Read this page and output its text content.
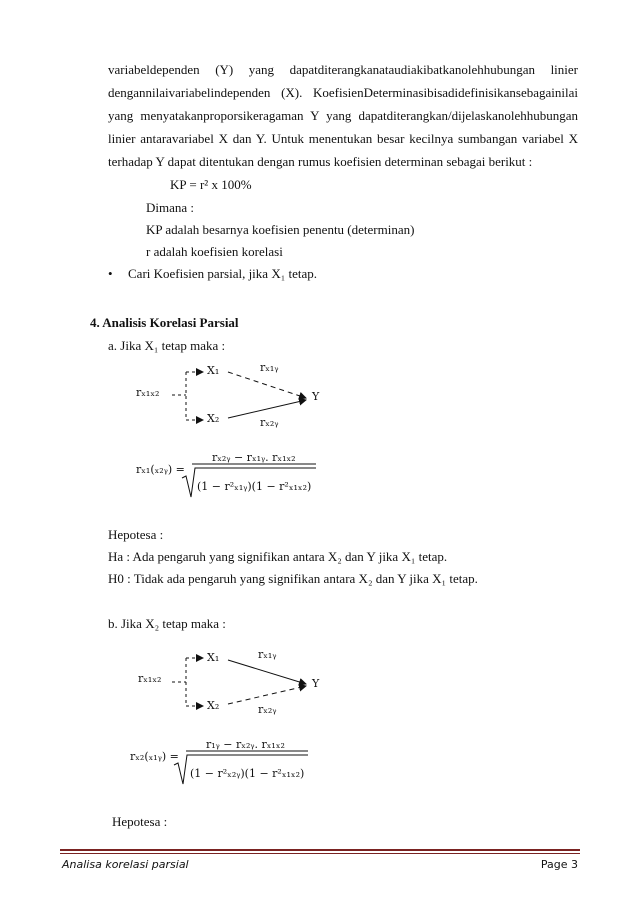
variabeldependen (Y) yang dapatditerangkanataudiakibatkanolehhubungan linier
dengannilaivariabelindependen (X). KoefisienDeterminasibisadidefinisikansebagainilai
yang menyatakanproporsikeragaman Y yang dapatditerangkan/dijelaskanolehhubungan
linier antaravariabel X dan Y. Untuk menentukan besar kecilnya sumbangan variabel X
terhadap Y dapat ditentukan dengan rumus koefisien determinan sebagai berikut :
KP = r² x 100%
Dimana :
KP adalah besarnya koefisien penentu (determinan)
r adalah koefisien korelasi
• Cari Koefisien parsial, jika X₁ tetap.
4. Analisis Korelasi Parsial
a. Jika X₁ tetap maka :
X₁
X₂
Y
rₓ₁ᵧ
rₓ₂ᵧ
rₓ₁ₓ₂
rₓ₁(ₓ₂ᵧ) =
rₓ₂ᵧ − rₓ₁ᵧ. rₓ₁ₓ₂
(1 − r²ₓ₁ᵧ)(1 − r²ₓ₁ₓ₂)
Hepotesa :
Ha : Ada pengaruh yang signifikan antara X₂ dan Y jika X₁ tetap.
H0 : Tidak ada pengaruh yang signifikan antara X₂ dan Y jika X₁ tetap.
b. Jika X₂ tetap maka :
X₁
X₂
Y
rₓ₁ᵧ
rₓ₂ᵧ
rₓ₁ₓ₂
rₓ₂(ₓ₁ᵧ) =
r₁ᵧ − rₓ₂ᵧ. rₓ₁ₓ₂
(1 − r²ₓ₂ᵧ)(1 − r²ₓ₁ₓ₂)
Hepotesa :
Analisa korelasi parsial	Page 3
